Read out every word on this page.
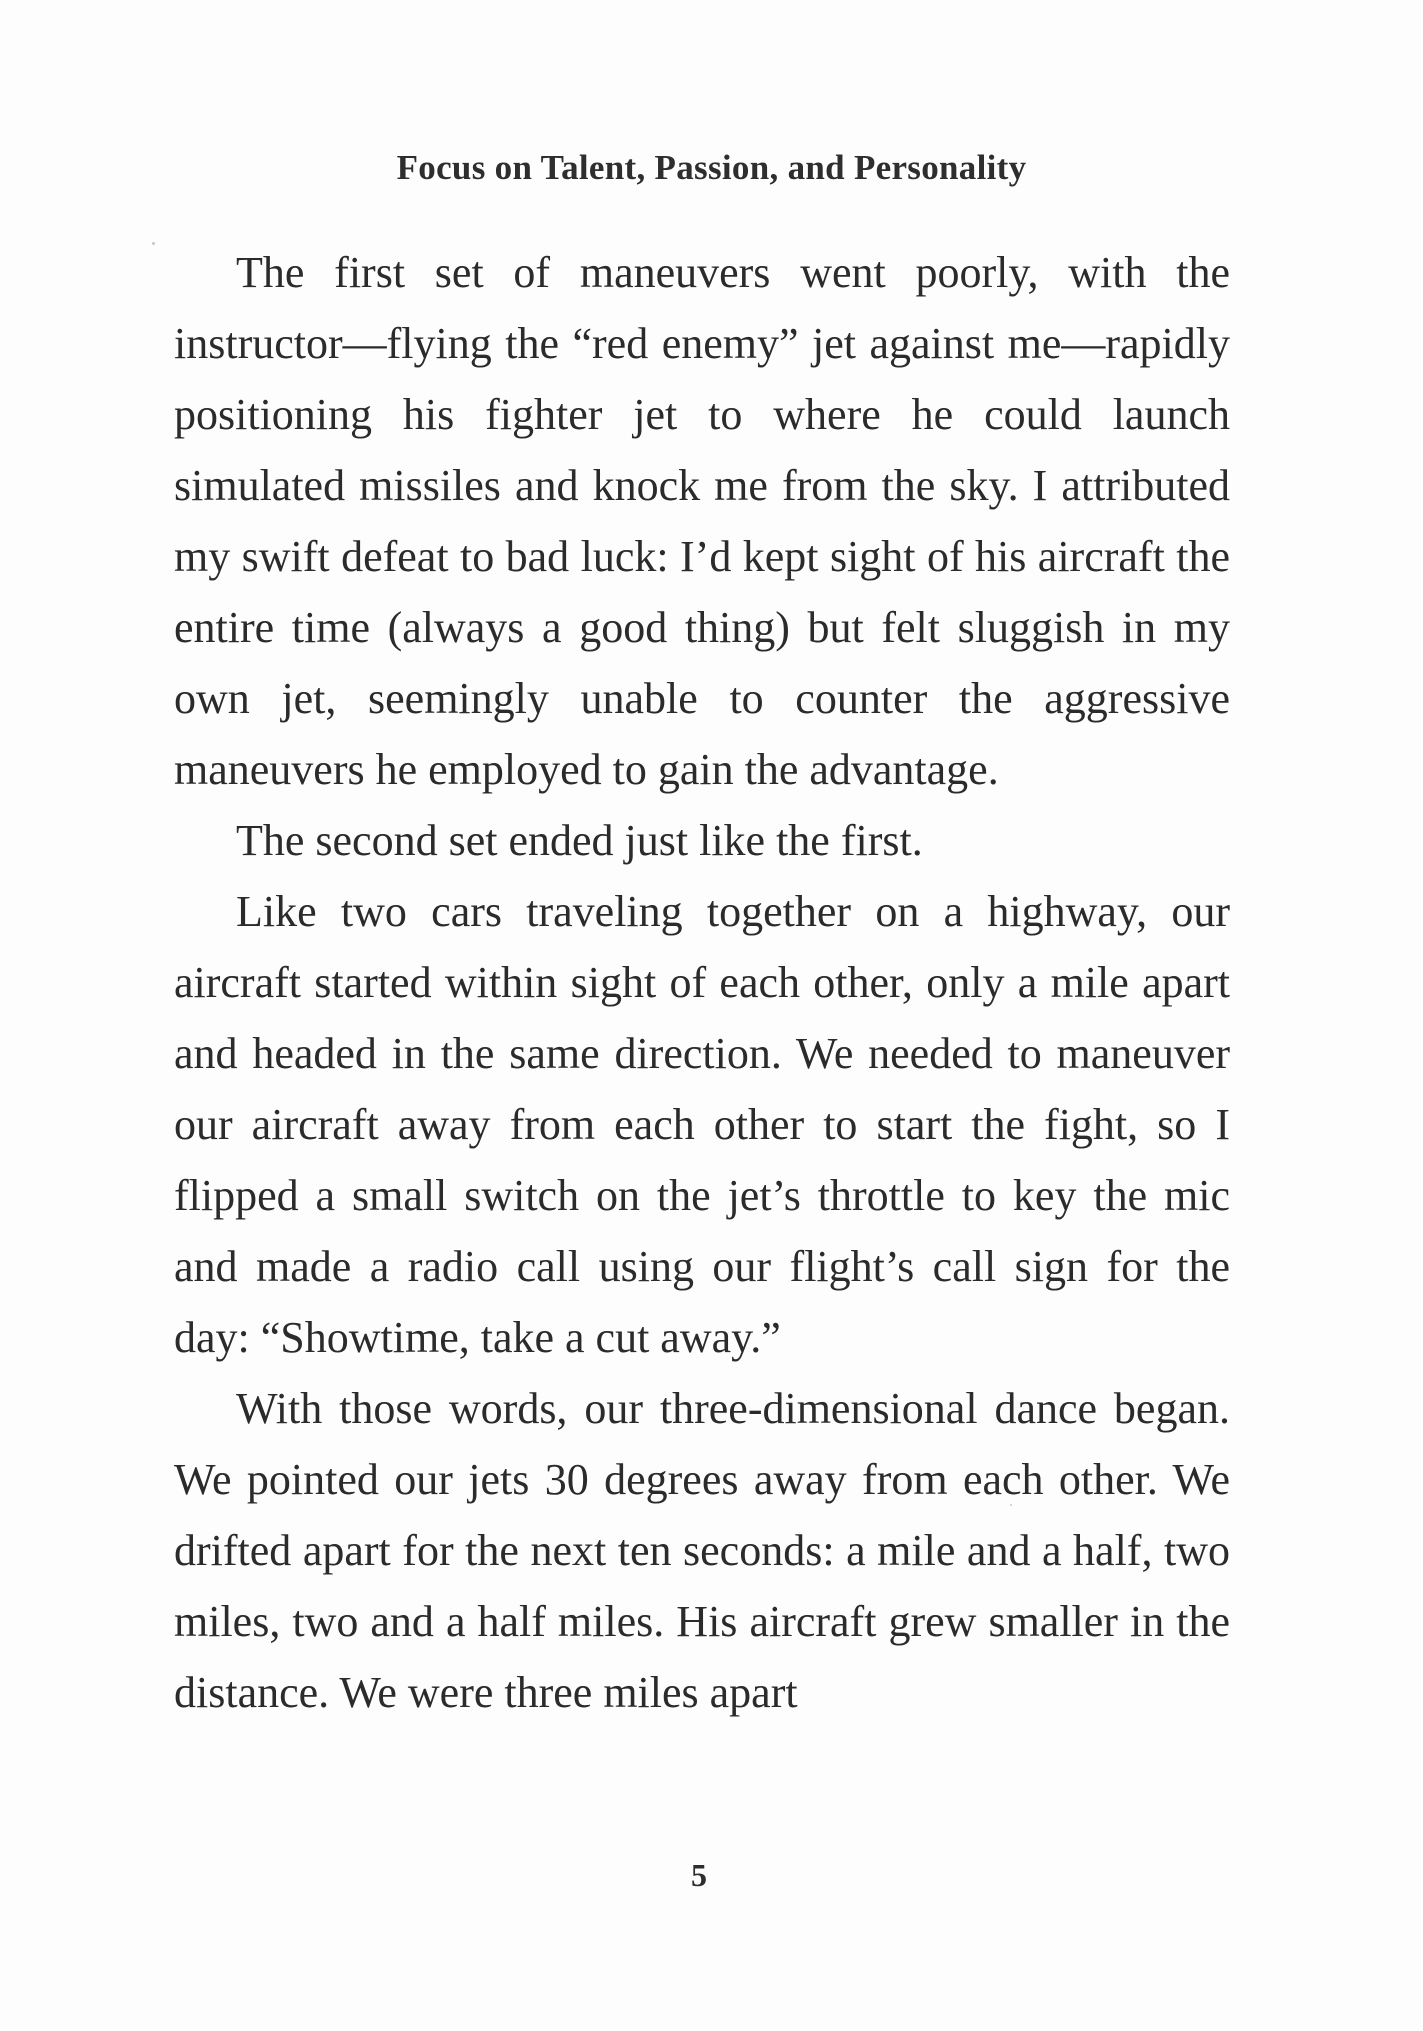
Focus on Talent, Passion, and Personality

The first set of maneuvers went poorly, with the instructor—flying the “red enemy” jet against me—rapidly positioning his fighter jet to where he could launch simulated missiles and knock me from the sky. I attributed my swift defeat to bad luck: I’d kept sight of his aircraft the entire time (always a good thing) but felt sluggish in my own jet, seemingly unable to counter the aggressive maneuvers he employed to gain the advantage.

The second set ended just like the first.

Like two cars traveling together on a highway, our aircraft started within sight of each other, only a mile apart and headed in the same direction. We needed to maneuver our aircraft away from each other to start the fight, so I flipped a small switch on the jet’s throttle to key the mic and made a radio call using our flight’s call sign for the day: “Showtime, take a cut away.”

With those words, our three-dimensional dance began. We pointed our jets 30 degrees away from each other. We drifted apart for the next ten seconds: a mile and a half, two miles, two and a half miles. His aircraft grew smaller in the distance. We were three miles apart

5
